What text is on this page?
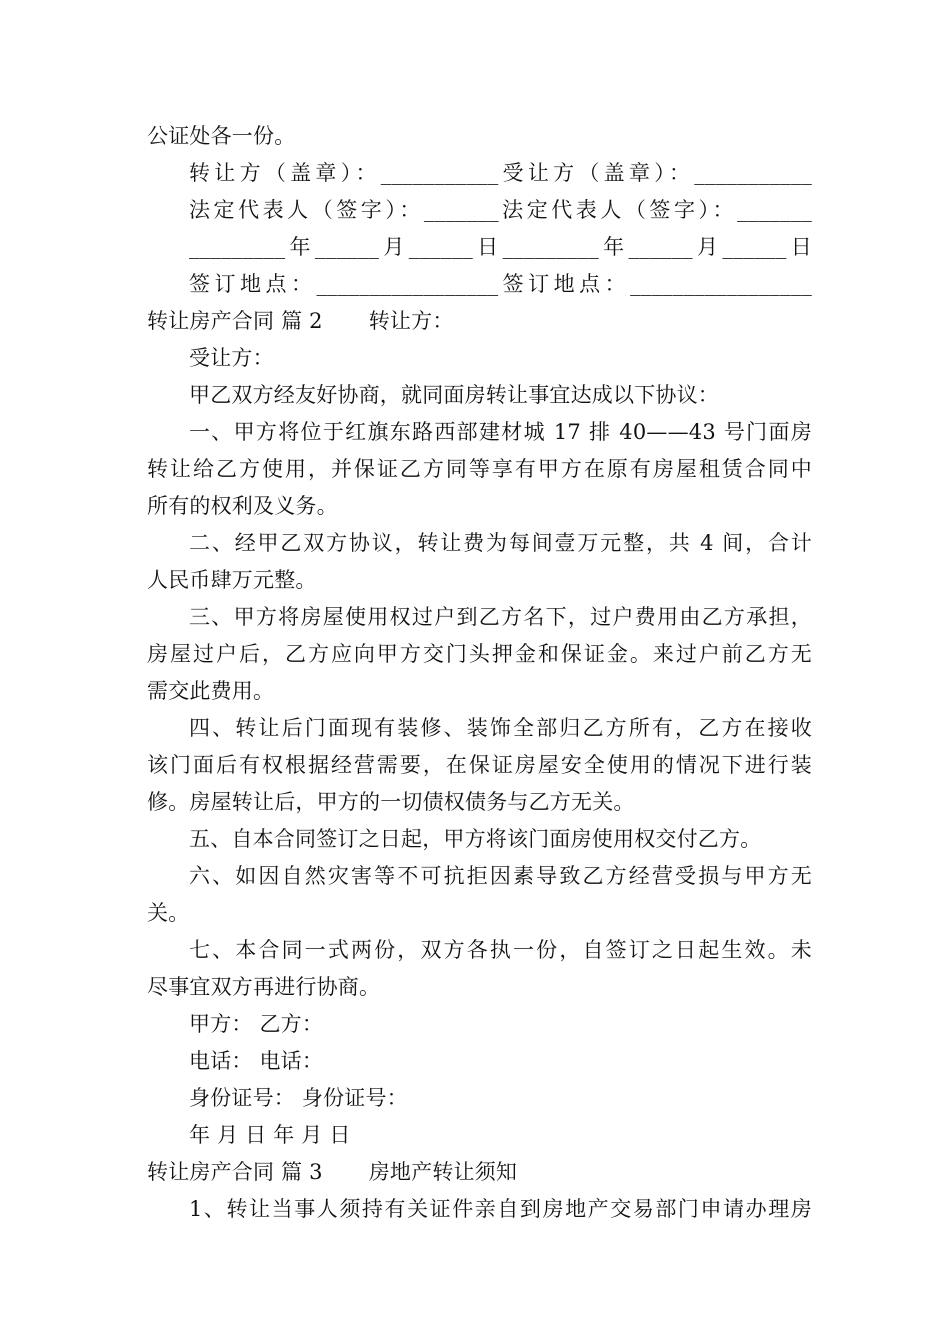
公证处各一份。
转让方（盖章）：___________受让方（盖章）：___________
法定代表人（签字）：_______法定代表人（签字）：_______
_________年______月______日_________年______月______日
签订地点：_________________签订地点：_________________
转让房产合同 篇 2 转让方：
受让方：
甲乙双方经友好协商，就同面房转让事宜达成以下协议：
一、甲方将位于红旗东路西部建材城 17 排 40——43 号门面房
转让给乙方使用，并保证乙方同等享有甲方在原有房屋租赁合同中
所有的权利及义务。
二、经甲乙双方协议，转让费为每间壹万元整，共 4 间，合计
人民币肆万元整。
三、甲方将房屋使用权过户到乙方名下，过户费用由乙方承担，
房屋过户后，乙方应向甲方交门头押金和保证金。来过户前乙方无
需交此费用。
四、转让后门面现有装修、装饰全部归乙方所有，乙方在接收
该门面后有权根据经营需要，在保证房屋安全使用的情况下进行装
修。房屋转让后，甲方的一切债权债务与乙方无关。
五、自本合同签订之日起，甲方将该门面房使用权交付乙方。
六、如因自然灾害等不可抗拒因素导致乙方经营受损与甲方无
关。
七、本合同一式两份，双方各执一份，自签订之日起生效。未
尽事宜双方再进行协商。
甲方： 乙方：
电话： 电话：
身份证号： 身份证号：
年 月 日 年 月 日
转让房产合同 篇 3 房地产转让须知
1、转让当事人须持有关证件亲自到房地产交易部门申请办理房
